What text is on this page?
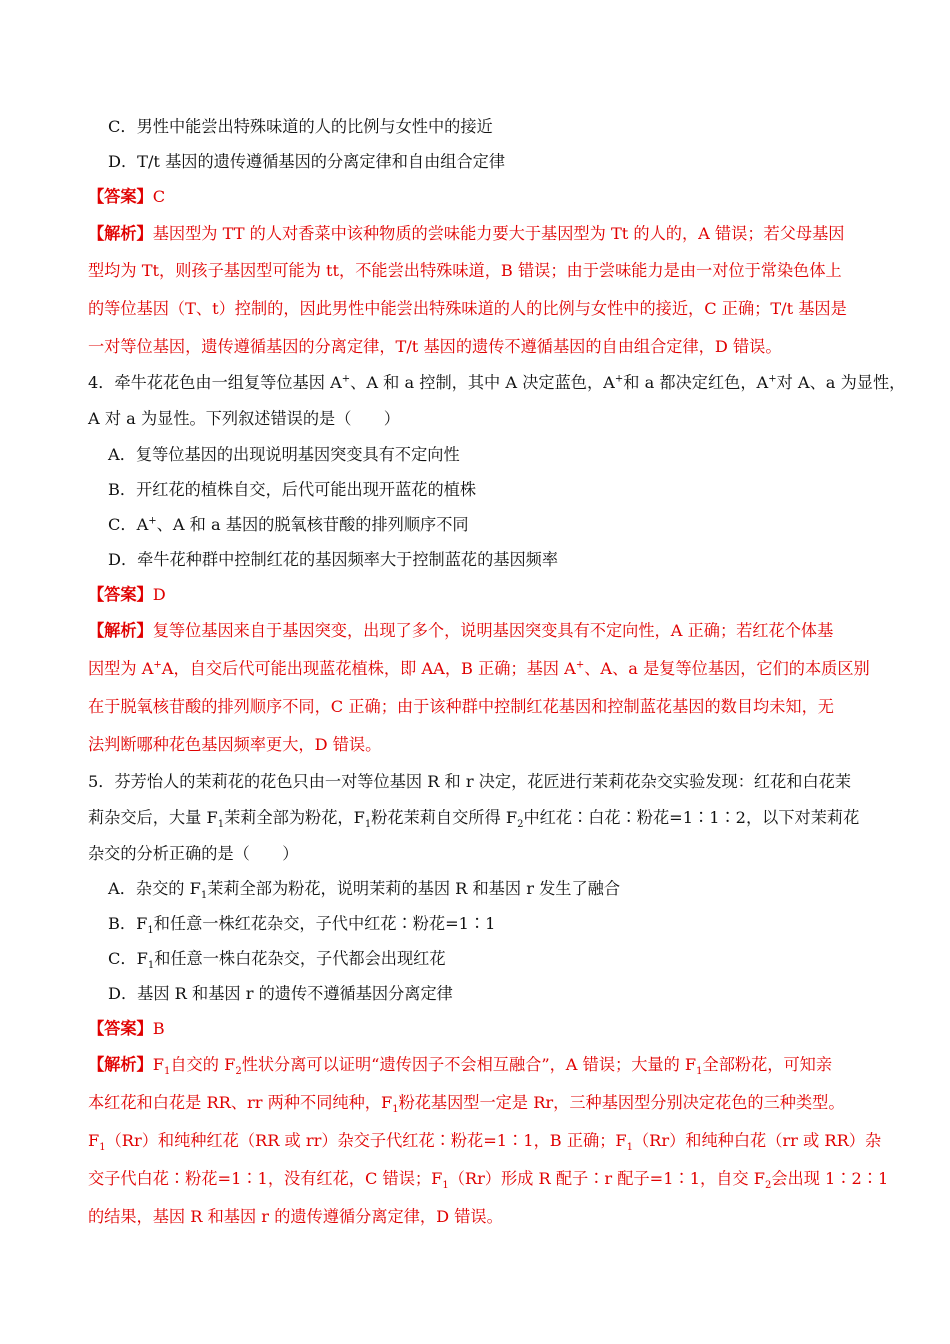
C．男性中能尝出特殊味道的人的比例与女性中的接近
D．T/t 基因的遗传遵循基因的分离定律和自由组合定律
【答案】C
【解析】基因型为 TT 的人对香菜中该种物质的尝味能力要大于基因型为 Tt 的人的，A 错误；若父母基因
型均为 Tt，则孩子基因型可能为 tt，不能尝出特殊味道，B 错误；由于尝味能力是由一对位于常染色体上
的等位基因（T、t）控制的，因此男性中能尝出特殊味道的人的比例与女性中的接近，C 正确；T/t 基因是
一对等位基因，遗传遵循基因的分离定律，T/t 基因的遗传不遵循基因的自由组合定律，D 错误。
4．牵牛花花色由一组复等位基因 A+、A 和 a 控制，其中 A 决定蓝色，A+和 a 都决定红色，A+对 A、a 为显性，
A 对 a 为显性。下列叙述错误的是（　　）
A．复等位基因的出现说明基因突变具有不定向性
B．开红花的植株自交，后代可能出现开蓝花的植株
C．A+、A 和 a 基因的脱氧核苷酸的排列顺序不同
D．牵牛花种群中控制红花的基因频率大于控制蓝花的基因频率
【答案】D
【解析】复等位基因来自于基因突变，出现了多个，说明基因突变具有不定向性，A 正确；若红花个体基
因型为 A+A，自交后代可能出现蓝花植株，即 AA，B 正确；基因 A+、A、a 是复等位基因，它们的本质区别
在于脱氧核苷酸的排列顺序不同，C 正确；由于该种群中控制红花基因和控制蓝花基因的数目均未知，无
法判断哪种花色基因频率更大，D 错误。
5．芬芳怡人的茉莉花的花色只由一对等位基因 R 和 r 决定，花匠进行茉莉花杂交实验发现：红花和白花茉
莉杂交后，大量 $F_1$茉莉全部为粉花，$F_1$粉花茉莉自交所得 $F_2$中红花∶白花∶粉花=1∶1∶2，以下对茉莉花
杂交的分析正确的是（　　）
A．杂交的 $F_1$茉莉全部为粉花，说明茉莉的基因 R 和基因 r 发生了融合
B．$F_1$和任意一株红花杂交，子代中红花∶粉花=1∶1
C．$F_1$和任意一株白花杂交，子代都会出现红花
D．基因 R 和基因 r 的遗传不遵循基因分离定律
【答案】B
【解析】$F_1$自交的 $F_2$性状分离可以证明“遗传因子不会相互融合”，A 错误；大量的 $F_1$全部粉花，可知亲
本红花和白花是 RR、rr 两种不同纯种，$F_1$粉花基因型一定是 Rr，三种基因型分别决定花色的三种类型。
$F_1(Rr)$和纯种红花（RR 或 rr）杂交子代红花∶粉花=1∶1，B 正确；$F_1(Rr)$和纯种白花（rr 或 RR）杂
交子代白花∶粉花=1∶1，没有红花，C 错误；$F_1(Rr)$形成 R 配子∶r 配子=1∶1，自交 $F_2$会出现 1∶2∶1
的结果，基因 R 和基因 r 的遗传遵循分离定律，D 错误。
